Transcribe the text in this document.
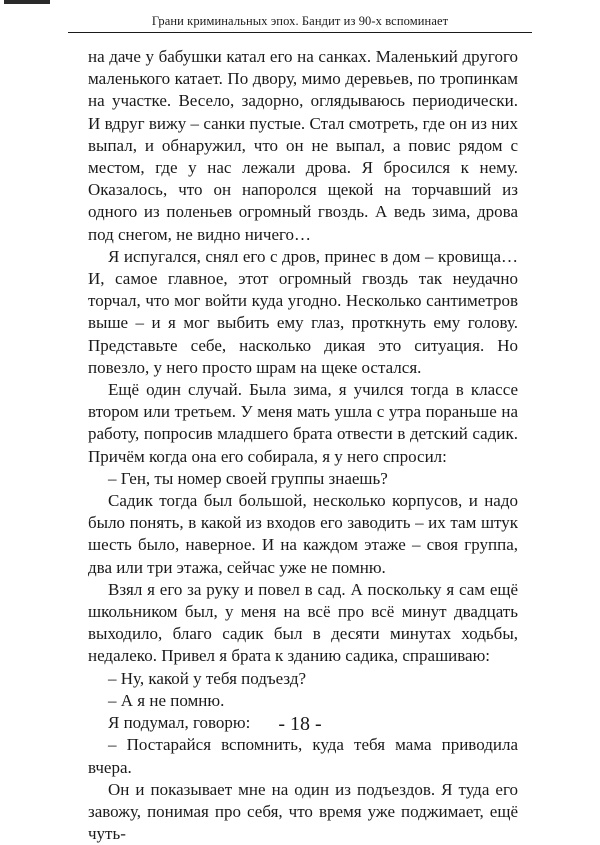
Грани криминальных эпох. Бандит из 90-х вспоминает

на даче у бабушки катал его на санках. Маленький другого маленького катает. По двору, мимо деревьев, по тропинкам на участке. Весело, задорно, оглядываюсь периодически. И вдруг вижу – санки пустые. Стал смотреть, где он из них выпал, и обнаружил, что он не выпал, а повис рядом с местом, где у нас лежали дрова. Я бросился к нему. Оказалось, что он напоролся щекой на торчавший из одного из поленьев огромный гвоздь. А ведь зима, дрова под снегом, не видно ничего…

Я испугался, снял его с дров, принес в дом – кровища… И, самое главное, этот огромный гвоздь так неудачно торчал, что мог войти куда угодно. Несколько сантиметров выше – и я мог выбить ему глаз, проткнуть ему голову. Представьте себе, насколько дикая это ситуация. Но повезло, у него просто шрам на щеке остался.

Ещё один случай. Была зима, я учился тогда в классе втором или третьем. У меня мать ушла с утра пораньше на работу, попросив младшего брата отвести в детский садик. Причём когда она его собирала, я у него спросил:

– Ген, ты номер своей группы знаешь?

Садик тогда был большой, несколько корпусов, и надо было понять, в какой из входов его заводить – их там штук шесть было, наверное. И на каждом этаже – своя группа, два или три этажа, сейчас уже не помню.

Взял я его за руку и повел в сад. А поскольку я сам ещё школьником был, у меня на всё про всё минут двадцать выходило, благо садик был в десяти минутах ходьбы, недалеко. Привел я брата к зданию садика, спрашиваю:

– Ну, какой у тебя подъезд?

– А я не помню.

Я подумал, говорю:

– Постарайся вспомнить, куда тебя мама приводила вчера.

Он и показывает мне на один из подъездов. Я туда его завожу, понимая про себя, что время уже поджимает, ещё чуть-

- 18 -
